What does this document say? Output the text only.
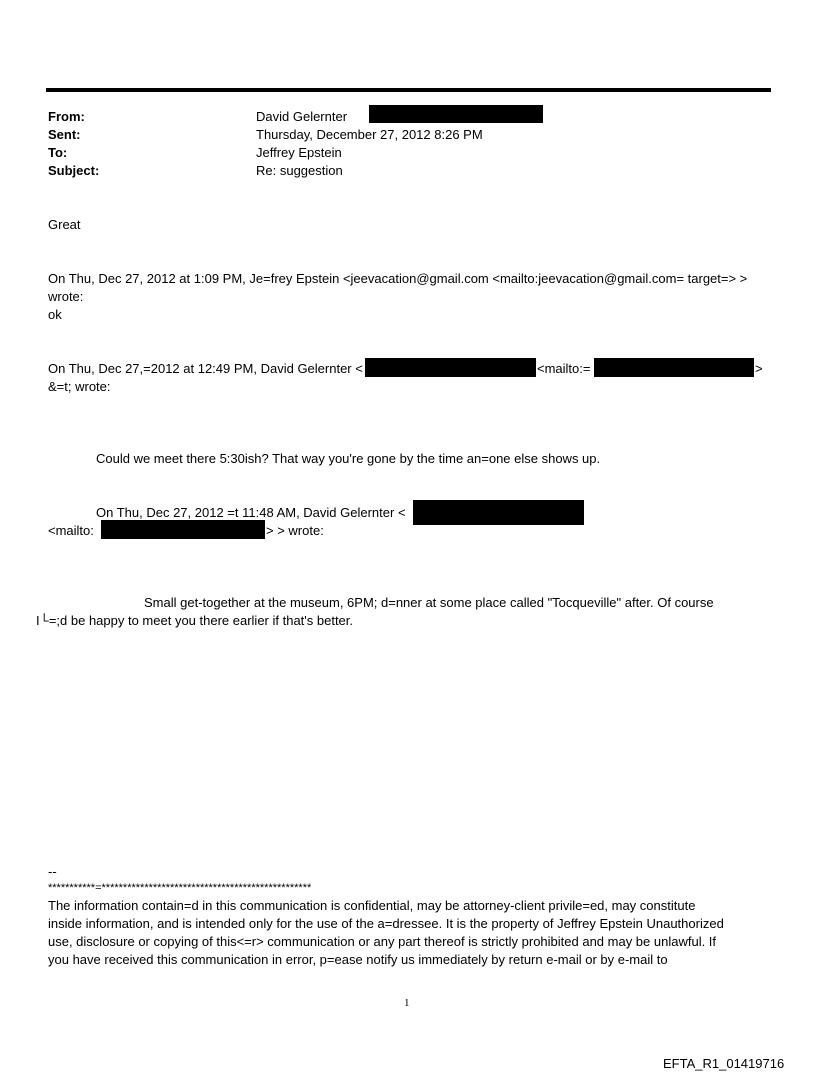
From:	David Gelernter
Sent:	Thursday, December 27, 2012 8:26 PM
To:	Jeffrey Epstein
Subject:	Re: suggestion
Great
On Thu, Dec 27, 2012 at 1:09 PM, Je=frey Epstein <jeevacation@gmail.com <mailto:jeevacation@gmail.com= target=> >
wrote:
ok
On Thu, Dec 27,=2012 at 12:49 PM, David Gelernter <	<mailto:=	>
&=t; wrote:
Could we meet there 5:30ish? That way you're gone by the time an=one else shows up.
On Thu, Dec 27, 2012 =t 11:48 AM, David Gelernter <
<mailto:	> > wrote:
Small get-together at the museum, 6PM; d=nner at some place called "Tocqueville" after. Of course
I└=;d be happy to meet you there earlier if that's better.
--
***********=*************************************************
The information contain=d in this communication is confidential, may be attorney-client privile=ed, may constitute
inside information, and is intended only for the use of the a=dressee. It is the property of Jeffrey Epstein Unauthorized
use, disclosure or copying of this<=r> communication or any part thereof is strictly prohibited and may be unlawful. If
you have received this communication in error, p=ease notify us immediately by return e-mail or by e-mail to
1
EFTA_R1_01419716
